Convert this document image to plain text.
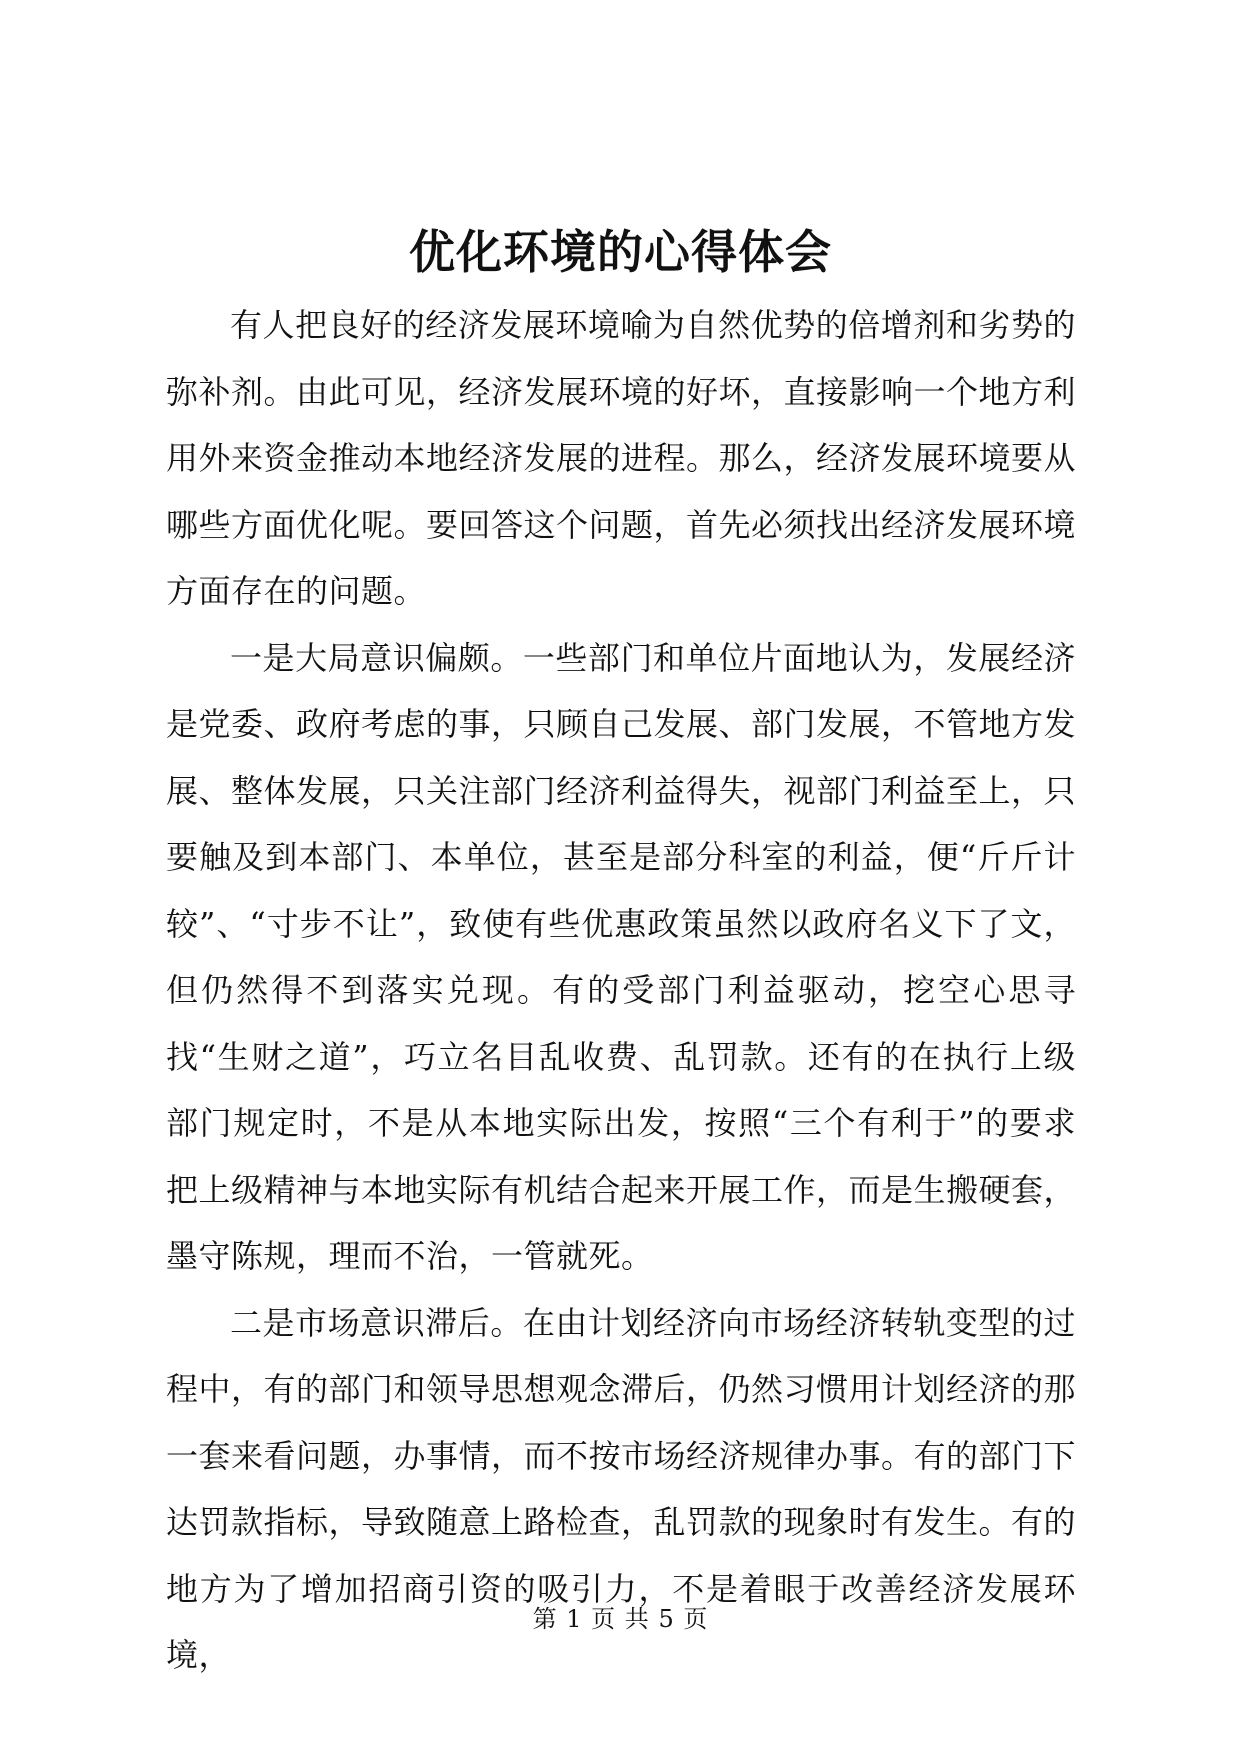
优化环境的心得体会

有人把良好的经济发展环境喻为自然优势的倍增剂和劣势的弥补剂。由此可见，经济发展环境的好坏，直接影响一个地方利用外来资金推动本地经济发展的进程。那么，经济发展环境要从哪些方面优化呢。要回答这个问题，首先必须找出经济发展环境方面存在的问题。

一是大局意识偏颇。一些部门和单位片面地认为，发展经济是党委、政府考虑的事，只顾自己发展、部门发展，不管地方发展、整体发展，只关注部门经济利益得失，视部门利益至上，只要触及到本部门、本单位，甚至是部分科室的利益，便“斤斤计较”、“寸步不让”，致使有些优惠政策虽然以政府名义下了文，但仍然得不到落实兑现。有的受部门利益驱动，挖空心思寻找“生财之道”，巧立名目乱收费、乱罚款。还有的在执行上级部门规定时，不是从本地实际出发，按照“三个有利于”的要求把上级精神与本地实际有机结合起来开展工作，而是生搬硬套，墨守陈规，理而不治，一管就死。

二是市场意识滞后。在由计划经济向市场经济转轨变型的过程中，有的部门和领导思想观念滞后，仍然习惯用计划经济的那一套来看问题，办事情，而不按市场经济规律办事。有的部门下达罚款指标，导致随意上路检查，乱罚款的现象时有发生。有的地方为了增加招商引资的吸引力，不是着眼于改善经济发展环境，

第 1 页 共 5 页
